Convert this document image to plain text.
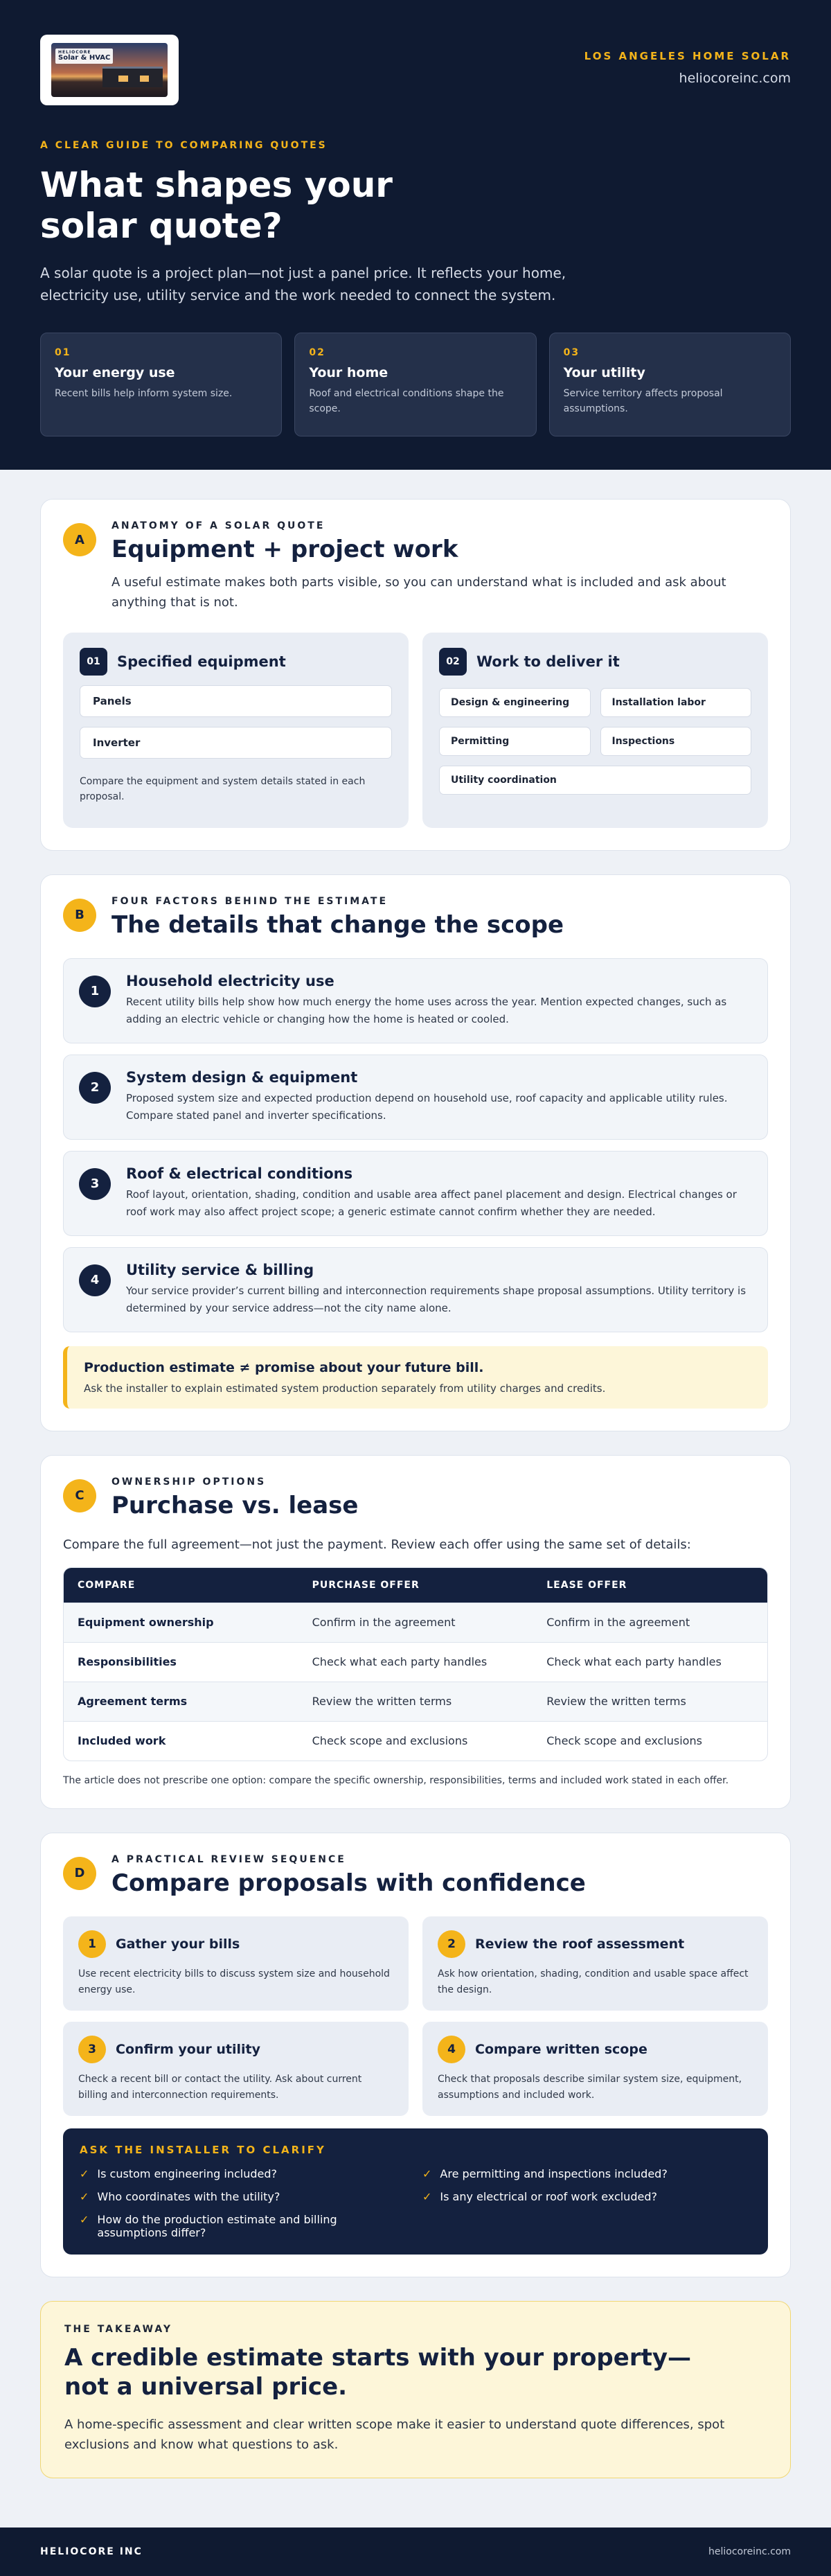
HELIOCORE
Solar & HVAC	LOS ANGELES HOME SOLAR
heliocoreinc.com
A CLEAR GUIDE TO COMPARING QUOTES
What shapes your solar quote?

A solar quote is a project plan—not just a panel price. It reflects your home, electricity use, utility service and the work needed to connect the system.

01
Your energy use
Recent bills help inform system size.
02
Your home
Roof and electrical conditions shape the scope.
03
Your utility
Service territory affects proposal assumptions.
A
ANATOMY OF A SOLAR QUOTE
Equipment + project work

A useful estimate makes both parts visible, so you can understand what is included and ask about anything that is not.

01	Specified equipment
Panels
Inverter

Compare the equipment and system details stated in each proposal.

02	Work to deliver it
Design & engineering	Installation labor
Permitting	Inspections
Utility coordination
B
FOUR FACTORS BEHIND THE ESTIMATE
The details that change the scope
1
Household electricity use
Recent utility bills help show how much energy the home uses across the year. Mention expected changes, such as adding an electric vehicle or changing how the home is heated or cooled.
2
System design & equipment
Proposed system size and expected production depend on household use, roof capacity and applicable utility rules. Compare stated panel and inverter specifications.
3
Roof & electrical conditions
Roof layout, orientation, shading, condition and usable area affect panel placement and design. Electrical changes or roof work may also affect project scope; a generic estimate cannot confirm whether they are needed.
4
Utility service & billing
Your service provider’s current billing and interconnection requirements shape proposal assumptions. Utility territory is determined by your service address—not the city name alone.
Production estimate ≠ promise about your future bill.
Ask the installer to explain estimated system production separately from utility charges and credits.
C
OWNERSHIP OPTIONS
Purchase vs. lease

Compare the full agreement—not just the payment. Review each offer using the same set of details:

COMPARE	PURCHASE OFFER	LEASE OFFER
Equipment ownership	Confirm in the agreement	Confirm in the agreement
Responsibilities	Check what each party handles	Check what each party handles
Agreement terms	Review the written terms	Review the written terms
Included work	Check scope and exclusions	Check scope and exclusions

The article does not prescribe one option: compare the specific ownership, responsibilities, terms and included work stated in each offer.

D
A PRACTICAL REVIEW SEQUENCE
Compare proposals with confidence
1	Gather your bills
Use recent electricity bills to discuss system size and household energy use.
2	Review the roof assessment
Ask how orientation, shading, condition and usable space affect the design.
3	Confirm your utility
Check a recent bill or contact the utility. Ask about current billing and interconnection requirements.
4	Compare written scope
Check that proposals describe similar system size, equipment, assumptions and included work.
ASK THE INSTALLER TO CLARIFY
✓ Is custom engineering included?	✓ Are permitting and inspections included?
✓ Who coordinates with the utility?	✓ Is any electrical or roof work excluded?
✓ How do the production estimate and billing assumptions differ?
THE TAKEAWAY
A credible estimate starts with your property—not a universal price.

A home-specific assessment and clear written scope make it easier to understand quote differences, spot exclusions and know what questions to ask.

HELIOCORE INC	heliocoreinc.com
